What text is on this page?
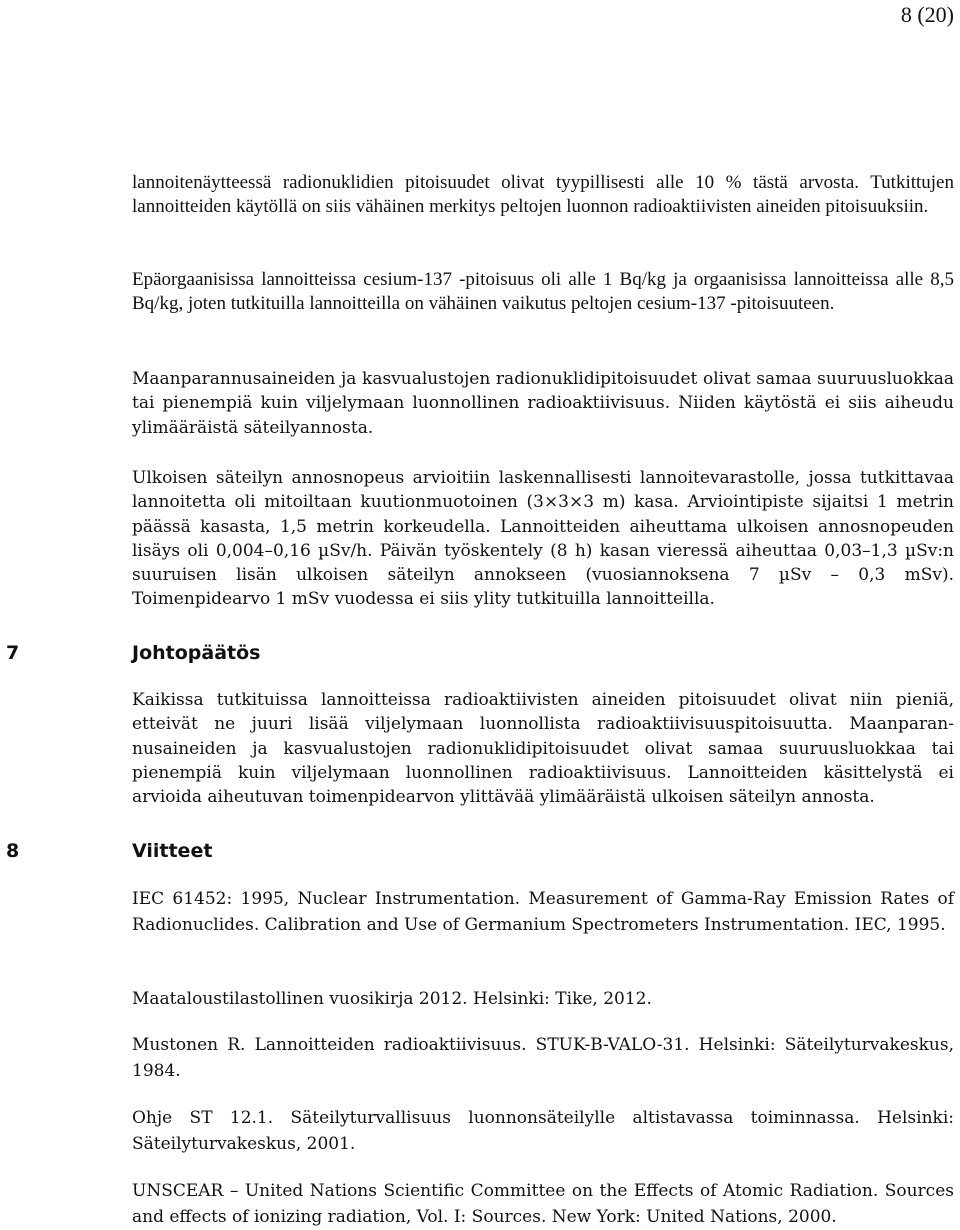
8 (20)

lannoitenäytteessä radionuklidien pitoisuudet olivat tyypillisesti alle 10 % tästä arvosta. Tutkittujen lannoitteiden käytöllä on siis vähäinen merkitys peltojen luonnon radioaktiivisten aineiden pitoisuuksiin.

Epäorgaanisissa lannoitteissa cesium-137 -pitoisuus oli alle 1 Bq/kg ja orgaanisissa lannoitteissa alle 8,5 Bq/kg, joten tutkituilla lannoitteilla on vähäinen vaikutus peltojen cesium-137 -pitoisuuteen.

Maanparannusaineiden ja kasvualustojen radionuklidipitoisuudet olivat samaa suuruusluokkaa tai pienempiä kuin viljelymaan luonnollinen radioaktiivisuus. Niiden käytöstä ei siis aiheudu ylimääräistä säteilyannosta.

Ulkoisen säteilyn annosnopeus arvioitiin laskennallisesti lannoitevarastolle, jossa tutkittavaa lannoitetta oli mitoiltaan kuutionmuotoinen (3×3×3 m) kasa. Arviointipiste sijaitsi 1 metrin päässä kasasta, 1,5 metrin korkeudella. Lannoitteiden aiheuttama ulkoisen annosnopeuden lisäys oli 0,004–0,16 µSv/h. Päivän työskentely (8 h) kasan vieressä aiheuttaa 0,03–1,3 µSv:n suuruisen lisän ulkoisen säteilyn annokseen (vuosiannoksena 7 µSv – 0,3 mSv). Toimenpidearvo 1 mSv vuodessa ei siis ylity tutkituilla lannoitteilla.

7	Johtopäätös

Kaikissa tutkituissa lannoitteissa radioaktiivisten aineiden pitoisuudet olivat niin pieniä, etteivät ne juuri lisää viljelymaan luonnollista radioaktiivisuuspitoisuutta. Maanparannusaineiden ja kasvualustojen radionuklidipitoisuudet olivat samaa suuruusluokkaa tai pienempiä kuin viljelymaan luonnollinen radioaktiivisuus. Lannoitteiden käsittelystä ei arvioida aiheutuvan toimenpidearvon ylittävää ylimääräistä ulkoisen säteilyn annosta.

8	Viitteet

IEC 61452: 1995, Nuclear Instrumentation. Measurement of Gamma-Ray Emission Rates of Radionuclides. Calibration and Use of Germanium Spectrometers Instrumentation. IEC, 1995.

Maataloustilastollinen vuosikirja 2012. Helsinki: Tike, 2012.

Mustonen R. Lannoitteiden radioaktiivisuus. STUK-B-VALO-31. Helsinki: Säteilyturvakeskus, 1984.

Ohje ST 12.1. Säteilyturvallisuus luonnonsäteilylle altistavassa toiminnassa. Helsinki: Säteilyturvakeskus, 2001.

UNSCEAR – United Nations Scientific Committee on the Effects of Atomic Radiation. Sources and effects of ionizing radiation, Vol. I: Sources. New York: United Nations, 2000.
